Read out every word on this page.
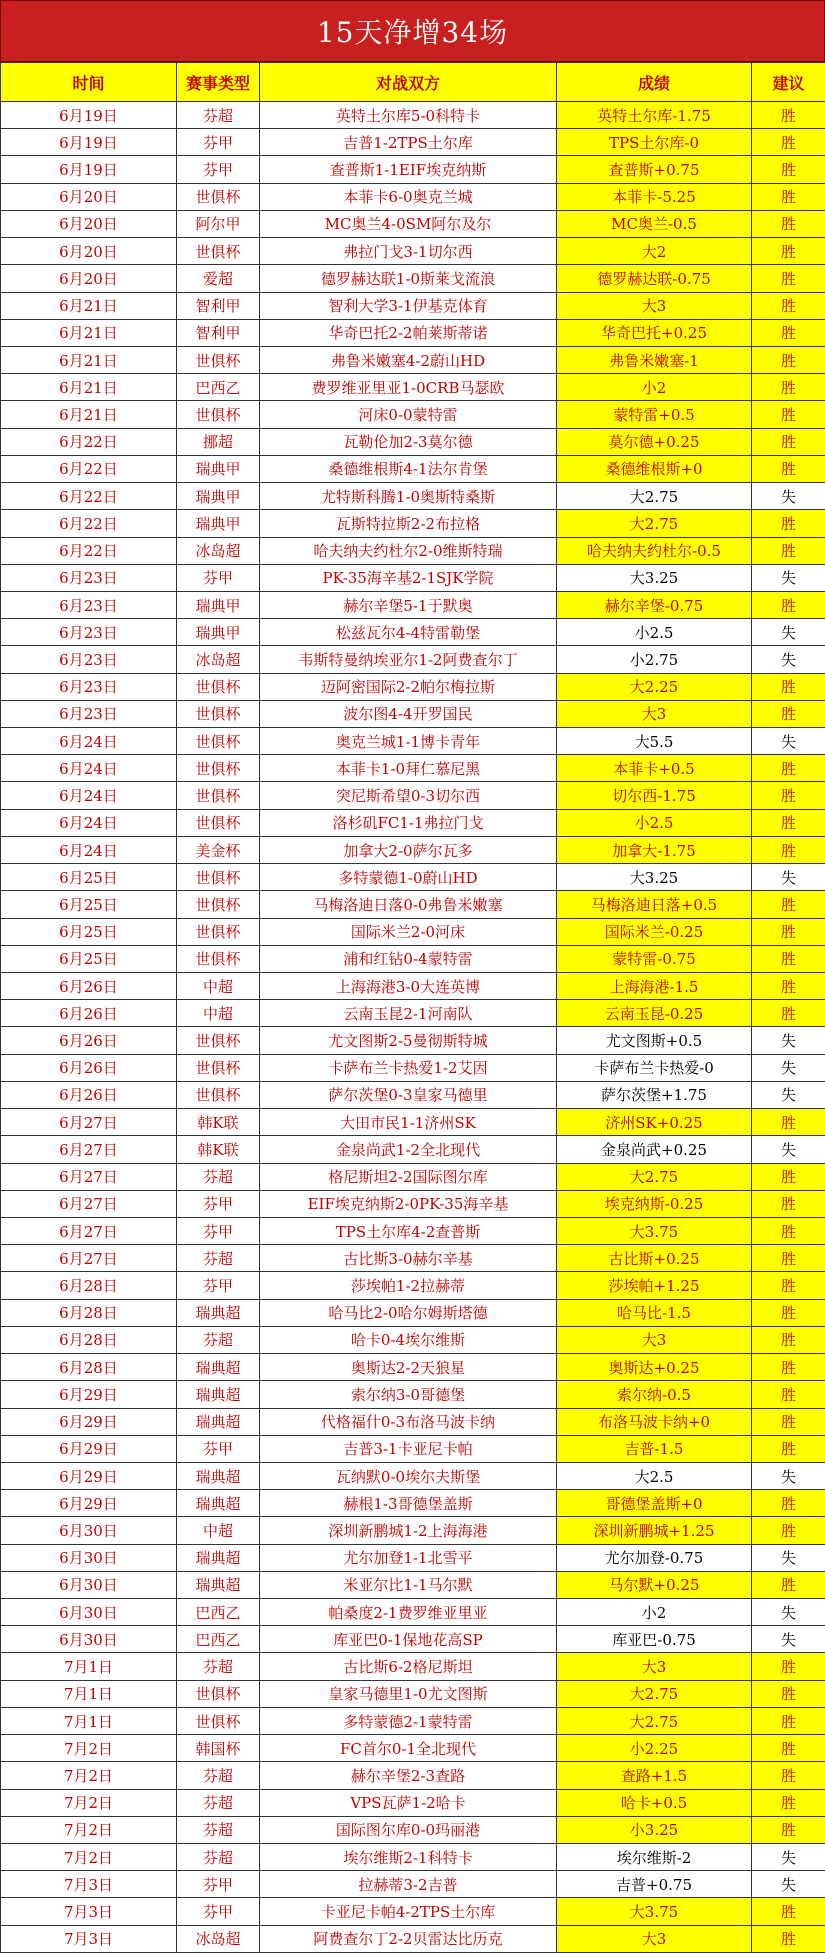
15天净增34场
时间	赛事类型	对战双方	成绩	建议
6月19日	芬超	英特土尔库5-0科特卡	英特土尔库-1.75	胜
6月19日	芬甲	吉普1-2TPS土尔库	TPS土尔库-0	胜
6月19日	芬甲	查普斯1-1EIF埃克纳斯	查普斯+0.75	胜
6月20日	世俱杯	本菲卡6-0奥克兰城	本菲卡-5.25	胜
6月20日	阿尔甲	MC奥兰4-0SM阿尔及尔	MC奥兰-0.5	胜
6月20日	世俱杯	弗拉门戈3-1切尔西	大2	胜
6月20日	爱超	德罗赫达联1-0斯莱戈流浪	德罗赫达联-0.75	胜
6月21日	智利甲	智利大学3-1伊基克体育	大3	胜
6月21日	智利甲	华奇巴托2-2帕莱斯蒂诺	华奇巴托+0.25	胜
6月21日	世俱杯	弗鲁米嫩塞4-2蔚山HD	弗鲁米嫩塞-1	胜
6月21日	巴西乙	费罗维亚里亚1-0CRB马瑟欧	小2	胜
6月21日	世俱杯	河床0-0蒙特雷	蒙特雷+0.5	胜
6月22日	挪超	瓦勒伦加2-3莫尔德	莫尔德+0.25	胜
6月22日	瑞典甲	桑德维根斯4-1法尔肯堡	桑德维根斯+0	胜
6月22日	瑞典甲	尤特斯科腾1-0奥斯特桑斯	大2.75	失
6月22日	瑞典甲	瓦斯特拉斯2-2布拉格	大2.75	胜
6月22日	冰岛超	哈夫纳夫约杜尔2-0维斯特瑞	哈夫纳夫约杜尔-0.5	胜
6月23日	芬甲	PK-35海辛基2-1SJK学院	大3.25	失
6月23日	瑞典甲	赫尔辛堡5-1于默奥	赫尔辛堡-0.75	胜
6月23日	瑞典甲	松兹瓦尔4-4特雷勒堡	小2.5	失
6月23日	冰岛超	韦斯特曼纳埃亚尔1-2阿费查尔丁	小2.75	失
6月23日	世俱杯	迈阿密国际2-2帕尔梅拉斯	大2.25	胜
6月23日	世俱杯	波尔图4-4开罗国民	大3	胜
6月24日	世俱杯	奥克兰城1-1博卡青年	大5.5	失
6月24日	世俱杯	本菲卡1-0拜仁慕尼黑	本菲卡+0.5	胜
6月24日	世俱杯	突尼斯希望0-3切尔西	切尔西-1.75	胜
6月24日	世俱杯	洛杉矶FC1-1弗拉门戈	小2.5	胜
6月24日	美金杯	加拿大2-0萨尔瓦多	加拿大-1.75	胜
6月25日	世俱杯	多特蒙德1-0蔚山HD	大3.25	失
6月25日	世俱杯	马梅洛迪日落0-0弗鲁米嫩塞	马梅洛迪日落+0.5	胜
6月25日	世俱杯	国际米兰2-0河床	国际米兰-0.25	胜
6月25日	世俱杯	浦和红钻0-4蒙特雷	蒙特雷-0.75	胜
6月26日	中超	上海海港3-0大连英博	上海海港-1.5	胜
6月26日	中超	云南玉昆2-1河南队	云南玉昆-0.25	胜
6月26日	世俱杯	尤文图斯2-5曼彻斯特城	尤文图斯+0.5	失
6月26日	世俱杯	卡萨布兰卡热爱1-2艾因	卡萨布兰卡热爱-0	失
6月26日	世俱杯	萨尔茨堡0-3皇家马德里	萨尔茨堡+1.75	失
6月27日	韩K联	大田市民1-1济州SK	济州SK+0.25	胜
6月27日	韩K联	金泉尚武1-2全北现代	金泉尚武+0.25	失
6月27日	芬超	格尼斯坦2-2国际图尔库	大2.75	胜
6月27日	芬甲	EIF埃克纳斯2-0PK-35海辛基	埃克纳斯-0.25	胜
6月27日	芬甲	TPS土尔库4-2查普斯	大3.75	胜
6月27日	芬超	古比斯3-0赫尔辛基	古比斯+0.25	胜
6月28日	芬甲	莎埃帕1-2拉赫蒂	莎埃帕+1.25	胜
6月28日	瑞典超	哈马比2-0哈尔姆斯塔德	哈马比-1.5	胜
6月28日	芬超	哈卡0-4埃尔维斯	大3	胜
6月28日	瑞典超	奥斯达2-2天狼星	奥斯达+0.25	胜
6月29日	瑞典超	索尔纳3-0哥德堡	索尔纳-0.5	胜
6月29日	瑞典超	代格福什0-3布洛马波卡纳	布洛马波卡纳+0	胜
6月29日	芬甲	吉普3-1卡亚尼卡帕	吉普-1.5	胜
6月29日	瑞典超	瓦纳默0-0埃尔夫斯堡	大2.5	失
6月29日	瑞典超	赫根1-3哥德堡盖斯	哥德堡盖斯+0	胜
6月30日	中超	深圳新鹏城1-2上海海港	深圳新鹏城+1.25	胜
6月30日	瑞典超	尤尔加登1-1北雪平	尤尔加登-0.75	失
6月30日	瑞典超	米亚尔比1-1马尔默	马尔默+0.25	胜
6月30日	巴西乙	帕桑度2-1费罗维亚里亚	小2	失
6月30日	巴西乙	库亚巴0-1保地花高SP	库亚巴-0.75	失
7月1日	芬超	古比斯6-2格尼斯坦	大3	胜
7月1日	世俱杯	皇家马德里1-0尤文图斯	大2.75	胜
7月1日	世俱杯	多特蒙德2-1蒙特雷	大2.75	胜
7月2日	韩国杯	FC首尔0-1全北现代	小2.25	胜
7月2日	芬超	赫尔辛堡2-3查路	查路+1.5	胜
7月2日	芬超	VPS瓦萨1-2哈卡	哈卡+0.5	胜
7月2日	芬超	国际图尔库0-0玛丽港	小3.25	胜
7月2日	芬超	埃尔维斯2-1科特卡	埃尔维斯-2	失
7月3日	芬甲	拉赫蒂3-2吉普	吉普+0.75	失
7月3日	芬甲	卡亚尼卡帕4-2TPS土尔库	大3.75	胜
7月3日	冰岛超	阿费查尔丁2-2贝雷达比历克	大3	胜
